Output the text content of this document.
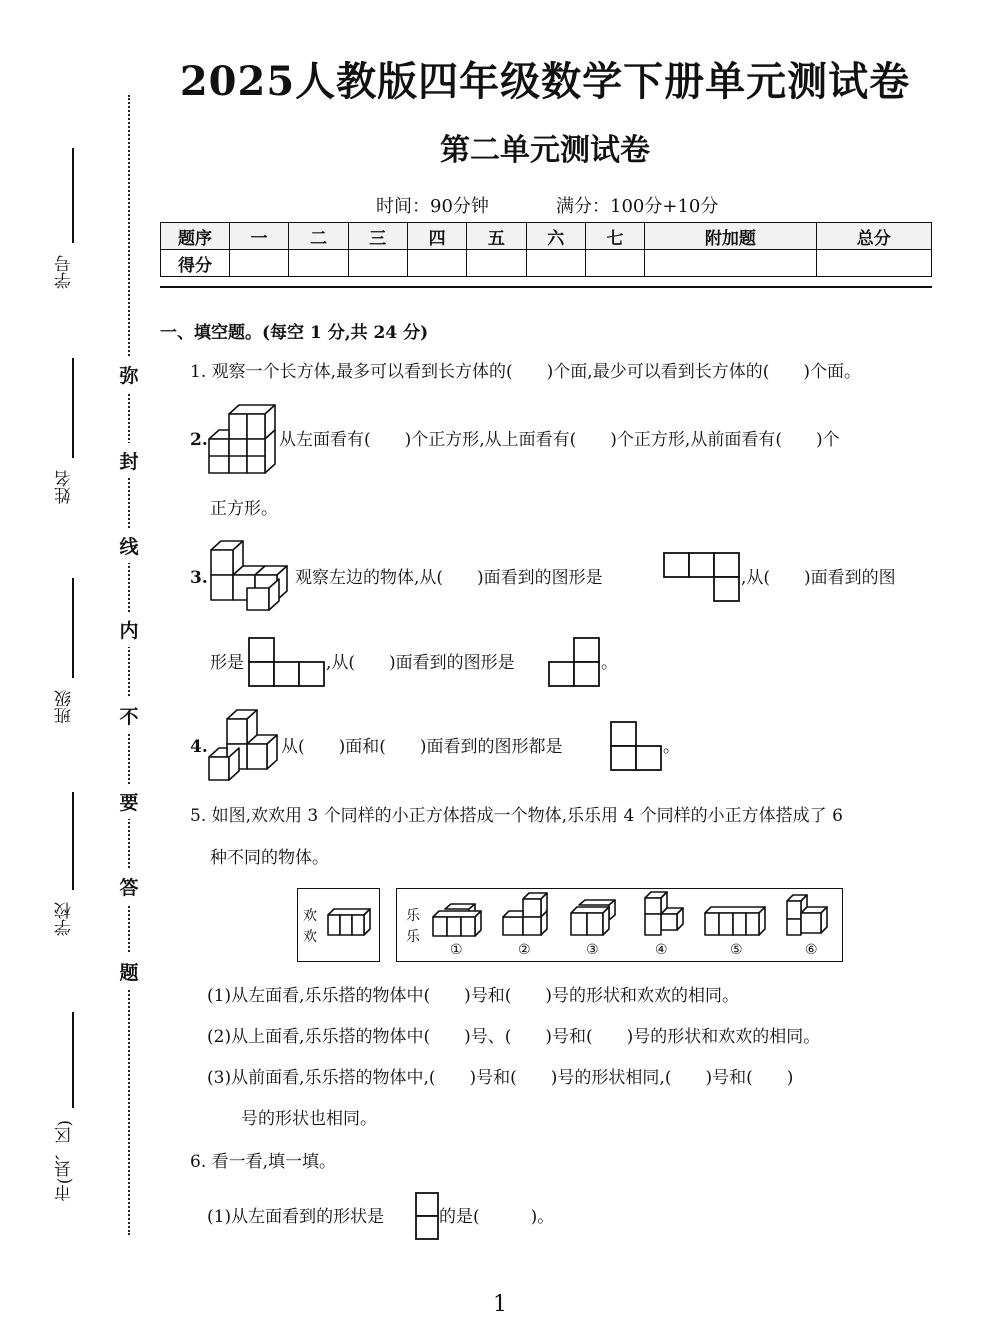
弥
封
线
内
不
要
答
题
学号
姓名
班级
学校
市(县、区)
2025人教版四年级数学下册单元测试卷
第二单元测试卷
时间：90分钟	满分：100分+10分
题序	一	二	三	四	五	六	七	附加题	总分
得分									
一、填空题。(每空 1 分,共 24 分)
1. 观察一个长方体,最多可以看到长方体的(　　)个面,最少可以看到长方体的(　　)个面。
2.	从左面看有(　　)个正方形,从上面看有(　　)个正方形,从前面看有(　　)个
正方形。
3.	观察左边的物体,从(　　)面看到的图形是	,从(　　)面看到的图
形是	,从(　　)面看到的图形是	。
4.	从(　　)面和(　　)面看到的图形都是	。
5. 如图,欢欢用 3 个同样的小正方体搭成一个物体,乐乐用 4 个同样的小正方体搭成了 6
种不同的物体。
欢
欢
乐
乐
①	②	③	④	⑤	⑥
(1)从左面看,乐乐搭的物体中(　　)号和(　　)号的形状和欢欢的相同。
(2)从上面看,乐乐搭的物体中(　　)号、(　　)号和(　　)号的形状和欢欢的相同。
(3)从前面看,乐乐搭的物体中,(　　)号和(　　)号的形状相同,(　　)号和(　　)
号的形状也相同。
6. 看一看,填一填。
(1)从左面看到的形状是	的是(　　　)。
1
